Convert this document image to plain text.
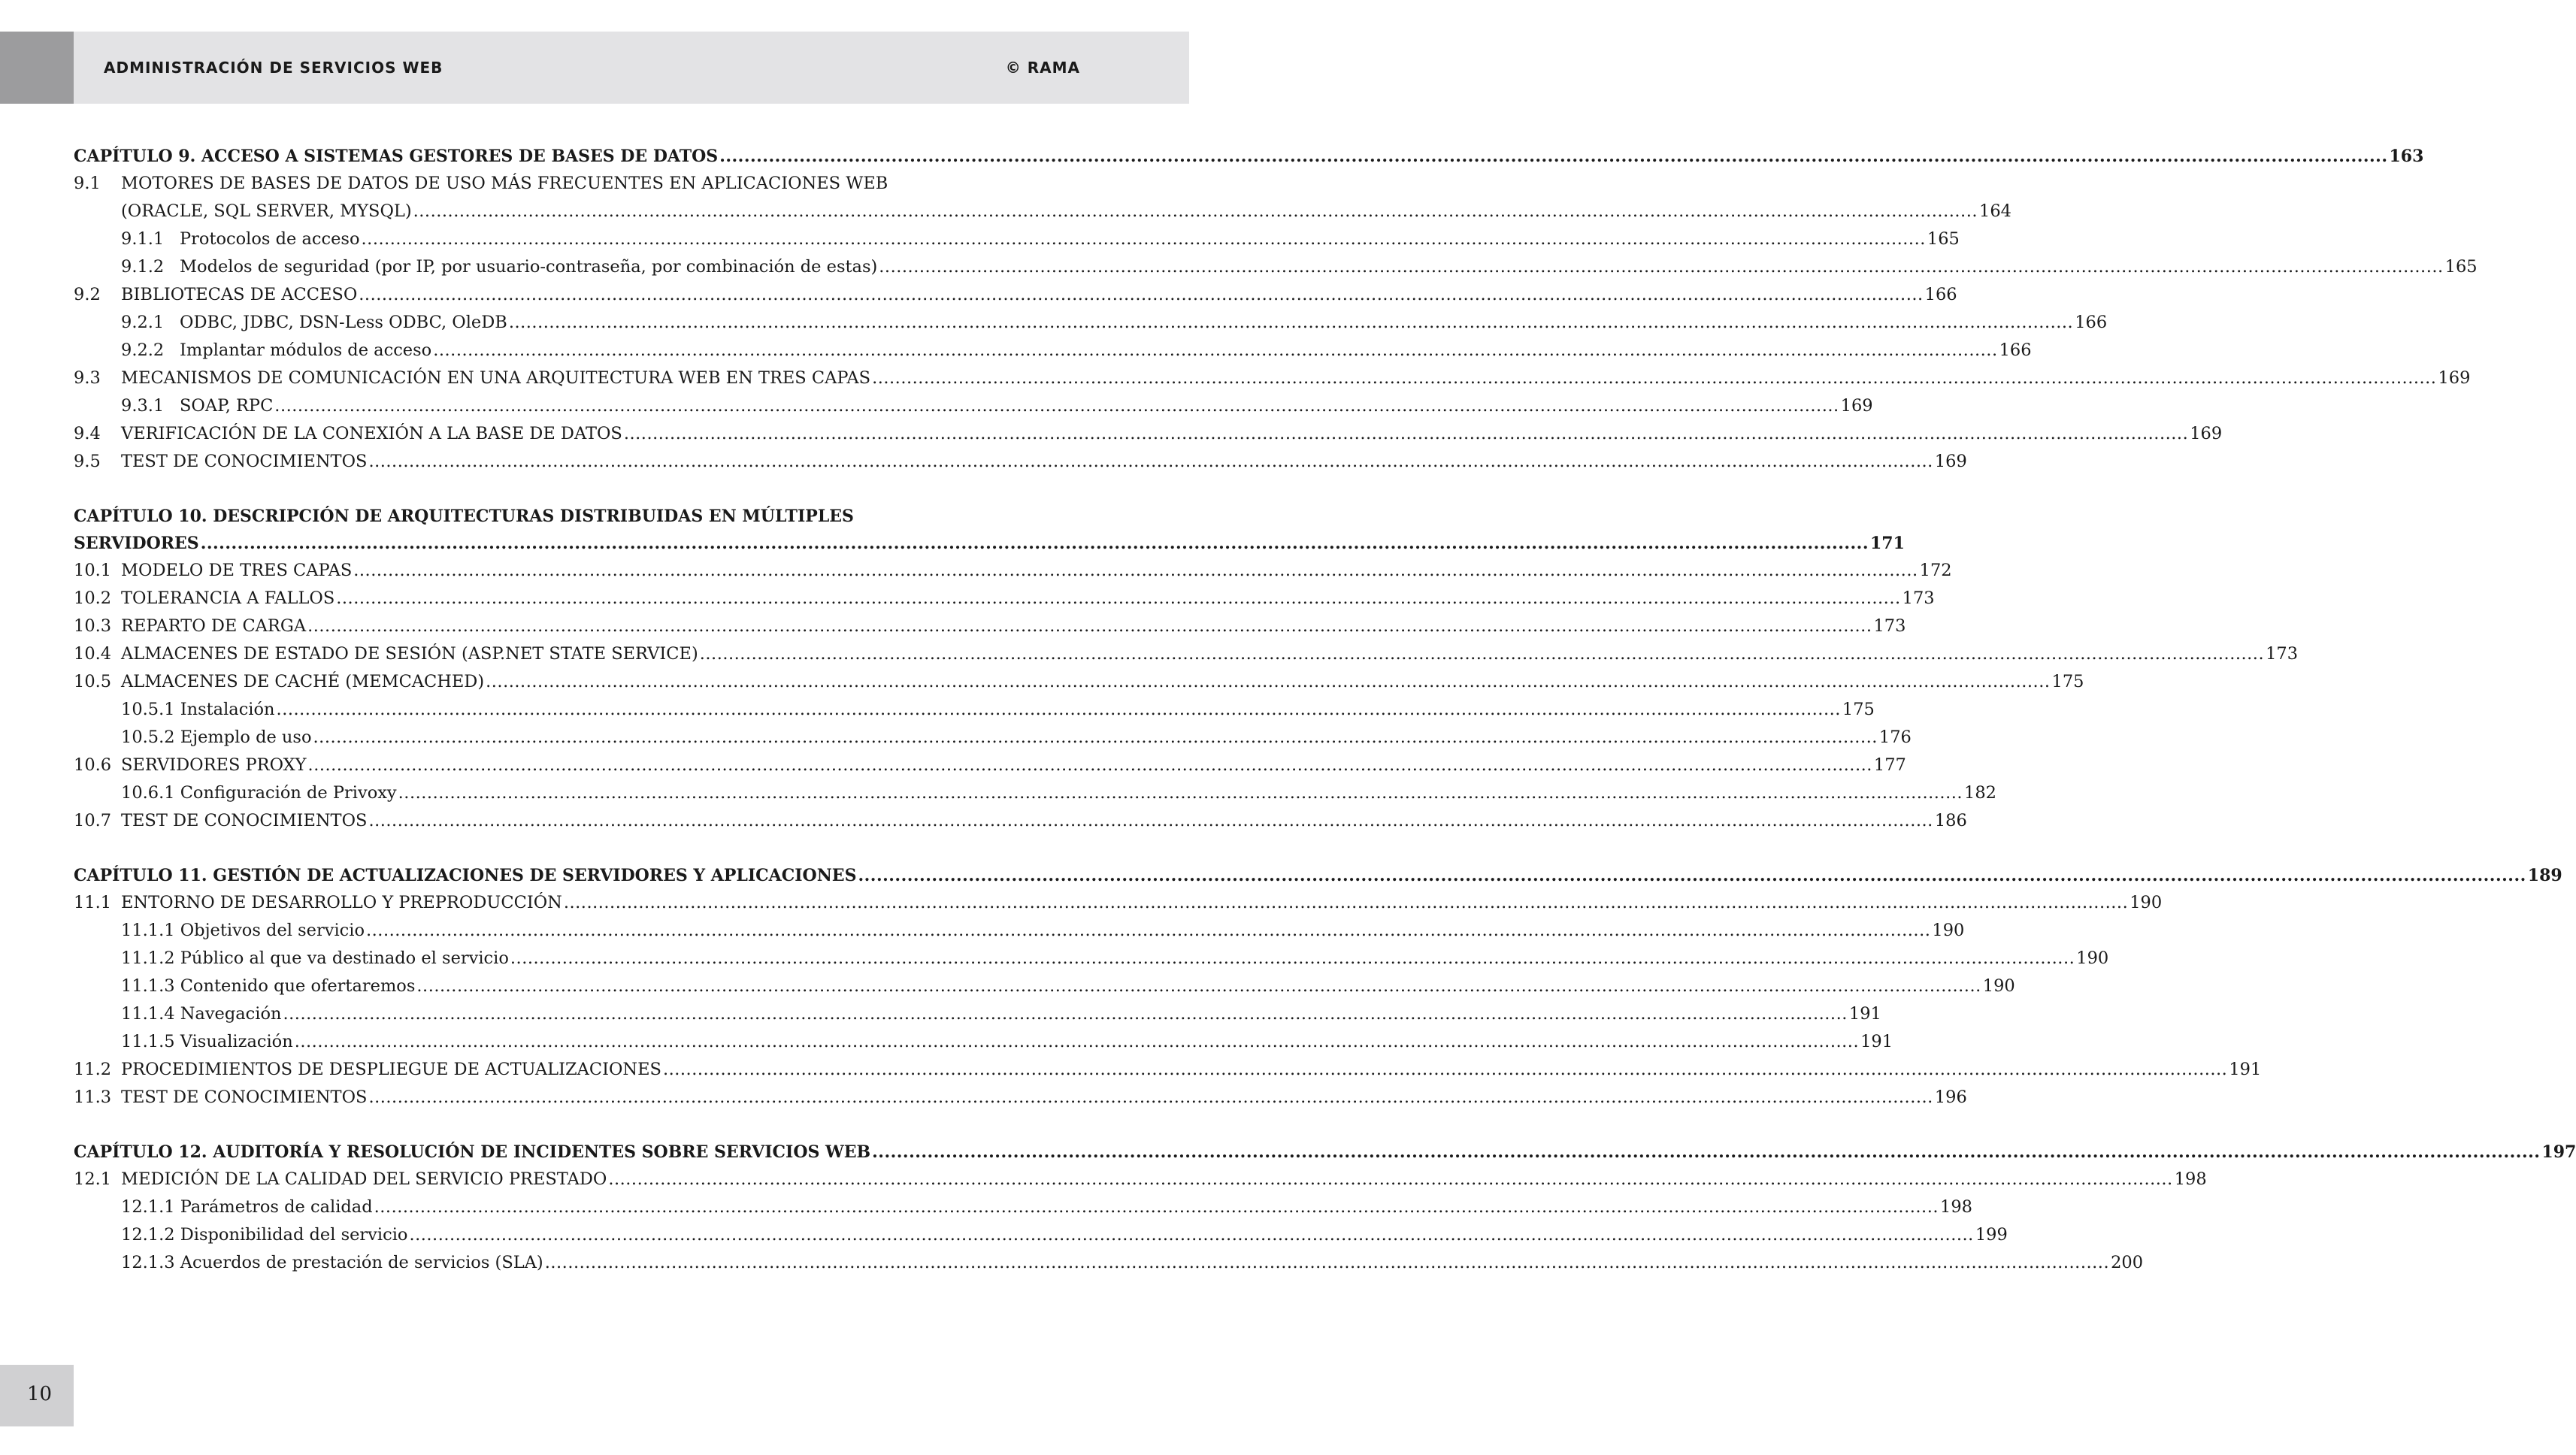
ADMINISTRACIÓN DE SERVICIOS WEB	© RAMA
CAPÍTULO 9. ACCESO A SISTEMAS GESTORES DE BASES DE DATOS .....	163
9.1	MOTORES DE BASES DE DATOS DE USO MÁS FRECUENTES EN APLICACIONES WEB
(ORACLE, SQL SERVER, MYSQL) .....	164
9.1.1 Protocolos de acceso .....	165
9.1.2 Modelos de seguridad (por IP, por usuario-contraseña, por combinación de estas) .....	165
9.2	BIBLIOTECAS DE ACCESO .....	166
9.2.1 ODBC, JDBC, DSN-Less ODBC, OleDB .....	166
9.2.2 Implantar módulos de acceso .....	166
9.3	MECANISMOS DE COMUNICACIÓN EN UNA ARQUITECTURA WEB EN TRES CAPAS .....	169
9.3.1 SOAP, RPC .....	169
9.4	VERIFICACIÓN DE LA CONEXIÓN A LA BASE DE DATOS .....	169
9.5	TEST DE CONOCIMIENTOS .....	169
CAPÍTULO 10. DESCRIPCIÓN DE ARQUITECTURAS DISTRIBUIDAS EN MÚLTIPLES
SERVIDORES .....	171
10.1 MODELO DE TRES CAPAS .....	172
10.2 TOLERANCIA A FALLOS .....	173
10.3 REPARTO DE CARGA .....	173
10.4 ALMACENES DE ESTADO DE SESIÓN (ASP.NET STATE SERVICE) .....	173
10.5 ALMACENES DE CACHÉ (MEMCACHED) .....	175
10.5.1 Instalación .....	175
10.5.2 Ejemplo de uso .....	176
10.6 SERVIDORES PROXY .....	177
10.6.1 Configuración de Privoxy .....	182
10.7 TEST DE CONOCIMIENTOS .....	186
CAPÍTULO 11. GESTIÓN DE ACTUALIZACIONES DE SERVIDORES Y APLICACIONES .....	189
11.1 ENTORNO DE DESARROLLO Y PREPRODUCCIÓN .....	190
11.1.1 Objetivos del servicio .....	190
11.1.2 Público al que va destinado el servicio .....	190
11.1.3 Contenido que ofertaremos .....	190
11.1.4 Navegación .....	191
11.1.5 Visualización .....	191
11.2 PROCEDIMIENTOS DE DESPLIEGUE DE ACTUALIZACIONES .....	191
11.3 TEST DE CONOCIMIENTOS .....	196
CAPÍTULO 12. AUDITORÍA Y RESOLUCIÓN DE INCIDENTES SOBRE SERVICIOS WEB .....	197
12.1 MEDICIÓN DE LA CALIDAD DEL SERVICIO PRESTADO .....	198
12.1.1 Parámetros de calidad .....	198
12.1.2 Disponibilidad del servicio .....	199
12.1.3 Acuerdos de prestación de servicios (SLA) .....	200
10
